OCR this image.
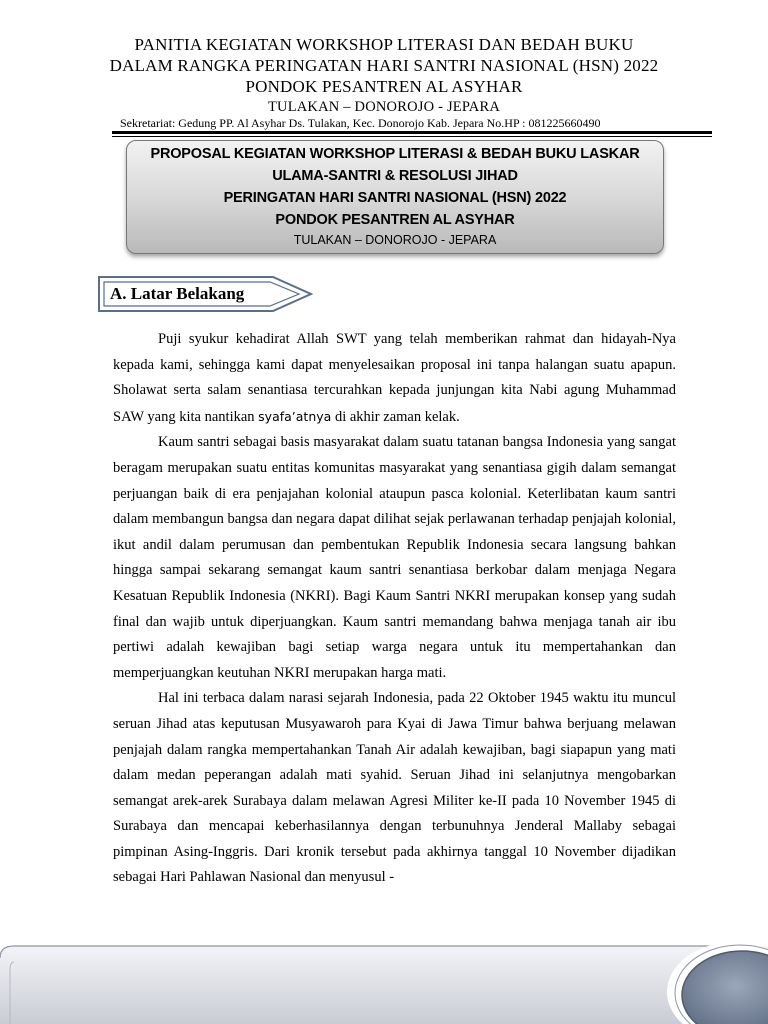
PANITIA KEGIATAN WORKSHOP LITERASI DAN BEDAH BUKU
DALAM RANGKA PERINGATAN HARI SANTRI NASIONAL (HSN) 2022
PONDOK PESANTREN AL ASYHAR
TULAKAN – DONOROJO - JEPARA
Sekretariat: Gedung PP. Al Asyhar Ds. Tulakan, Kec. Donorojo Kab. Jepara No.HP : 081225660490
PROPOSAL KEGIATAN WORKSHOP LITERASI & BEDAH BUKU LASKAR
ULAMA-SANTRI & RESOLUSI JIHAD
PERINGATAN HARI SANTRI NASIONAL (HSN) 2022
PONDOK PESANTREN AL ASYHAR
TULAKAN – DONOROJO - JEPARA
A. Latar Belakang

Puji syukur kehadirat Allah SWT yang telah memberikan rahmat dan hidayah-Nya kepada kami, sehingga kami dapat menyelesaikan proposal ini tanpa halangan suatu apapun. Sholawat serta salam senantiasa tercurahkan kepada junjungan kita Nabi agung Muhammad SAW yang kita nantikan syafa’atnya di akhir zaman kelak.

Kaum santri sebagai basis masyarakat dalam suatu tatanan bangsa Indonesia yang sangat beragam merupakan suatu entitas komunitas masyarakat yang senantiasa gigih dalam semangat perjuangan baik di era penjajahan kolonial ataupun pasca kolonial. Keterlibatan kaum santri dalam membangun bangsa dan negara dapat dilihat sejak perlawanan terhadap penjajah kolonial, ikut andil dalam perumusan dan pembentukan Republik Indonesia secara langsung bahkan hingga sampai sekarang semangat kaum santri senantiasa berkobar dalam menjaga Negara Kesatuan Republik Indonesia (NKRI). Bagi Kaum Santri NKRI merupakan konsep yang sudah final dan wajib untuk diperjuangkan. Kaum santri memandang bahwa menjaga tanah air ibu pertiwi adalah kewajiban bagi setiap warga negara untuk itu mempertahankan dan memperjuangkan keutuhan NKRI merupakan harga mati.

Hal ini terbaca dalam narasi sejarah Indonesia, pada 22 Oktober 1945 waktu itu muncul seruan Jihad atas keputusan Musyawaroh para Kyai di Jawa Timur bahwa berjuang melawan penjajah dalam rangka mempertahankan Tanah Air adalah kewajiban, bagi siapapun yang mati dalam medan peperangan adalah mati syahid. Seruan Jihad ini selanjutnya mengobarkan semangat arek-arek Surabaya dalam melawan Agresi Militer ke-II pada 10 November 1945 di Surabaya dan mencapai keberhasilannya dengan terbunuhnya Jenderal Mallaby sebagai pimpinan Asing-Inggris. Dari kronik tersebut pada akhirnya tanggal 10 November dijadikan sebagai Hari Pahlawan Nasional dan menyusul -
